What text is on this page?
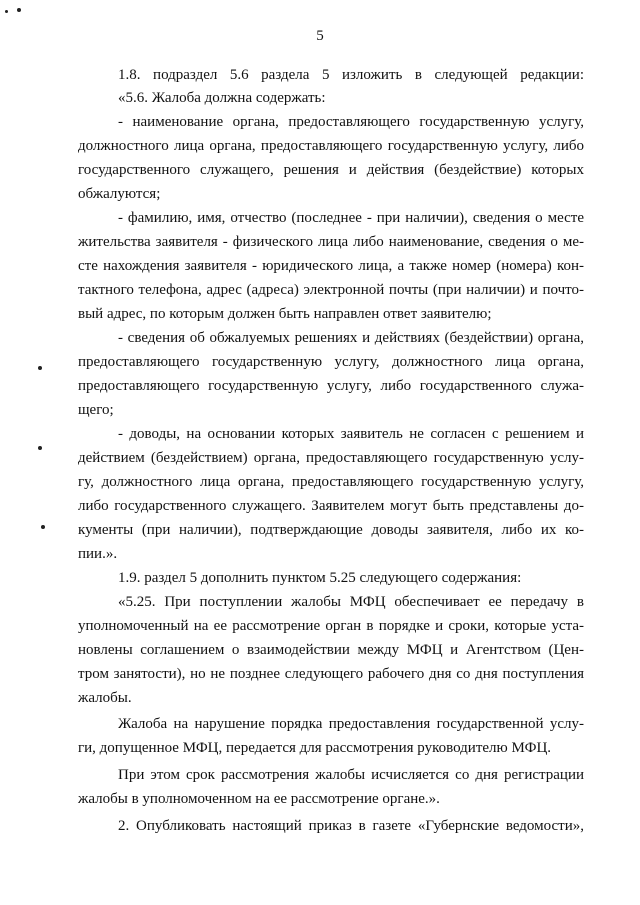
5
1.8. подраздел 5.6 раздела 5 изложить в следующей редакции:
«5.6. Жалоба должна содержать:
- наименование органа, предоставляющего государственную услугу,
должностного лица органа, предоставляющего государственную услугу, либо
государственного служащего, решения и действия (бездействие) которых
обжалуются;
- фамилию, имя, отчество (последнее - при наличии), сведения о месте
жительства заявителя - физического лица либо наименование, сведения о ме-
сте нахождения заявителя - юридического лица, а также номер (номера) кон-
тактного телефона, адрес (адреса) электронной почты (при наличии) и почто-
вый адрес, по которым должен быть направлен ответ заявителю;
- сведения об обжалуемых решениях и действиях (бездействии) органа,
предоставляющего государственную услугу, должностного лица органа,
предоставляющего государственную услугу, либо государственного служа-
щего;
- доводы, на основании которых заявитель не согласен с решением и
действием (бездействием) органа, предоставляющего государственную услу-
гу, должностного лица органа, предоставляющего государственную услугу,
либо государственного служащего. Заявителем могут быть представлены до-
кументы (при наличии), подтверждающие доводы заявителя, либо их ко-
пии.».
1.9. раздел 5 дополнить пунктом 5.25 следующего содержания:
«5.25. При поступлении жалобы МФЦ обеспечивает ее передачу в
уполномоченный на ее рассмотрение орган в порядке и сроки, которые уста-
новлены соглашением о взаимодействии между МФЦ и Агентством (Цен-
тром занятости), но не позднее следующего рабочего дня со дня поступления
жалобы.
Жалоба на нарушение порядка предоставления государственной услу-
ги, допущенное МФЦ, передается для рассмотрения руководителю МФЦ.
При этом срок рассмотрения жалобы исчисляется со дня регистрации
жалобы в уполномоченном на ее рассмотрение органе.».
2. Опубликовать настоящий приказ в газете «Губернские ведомости»,
